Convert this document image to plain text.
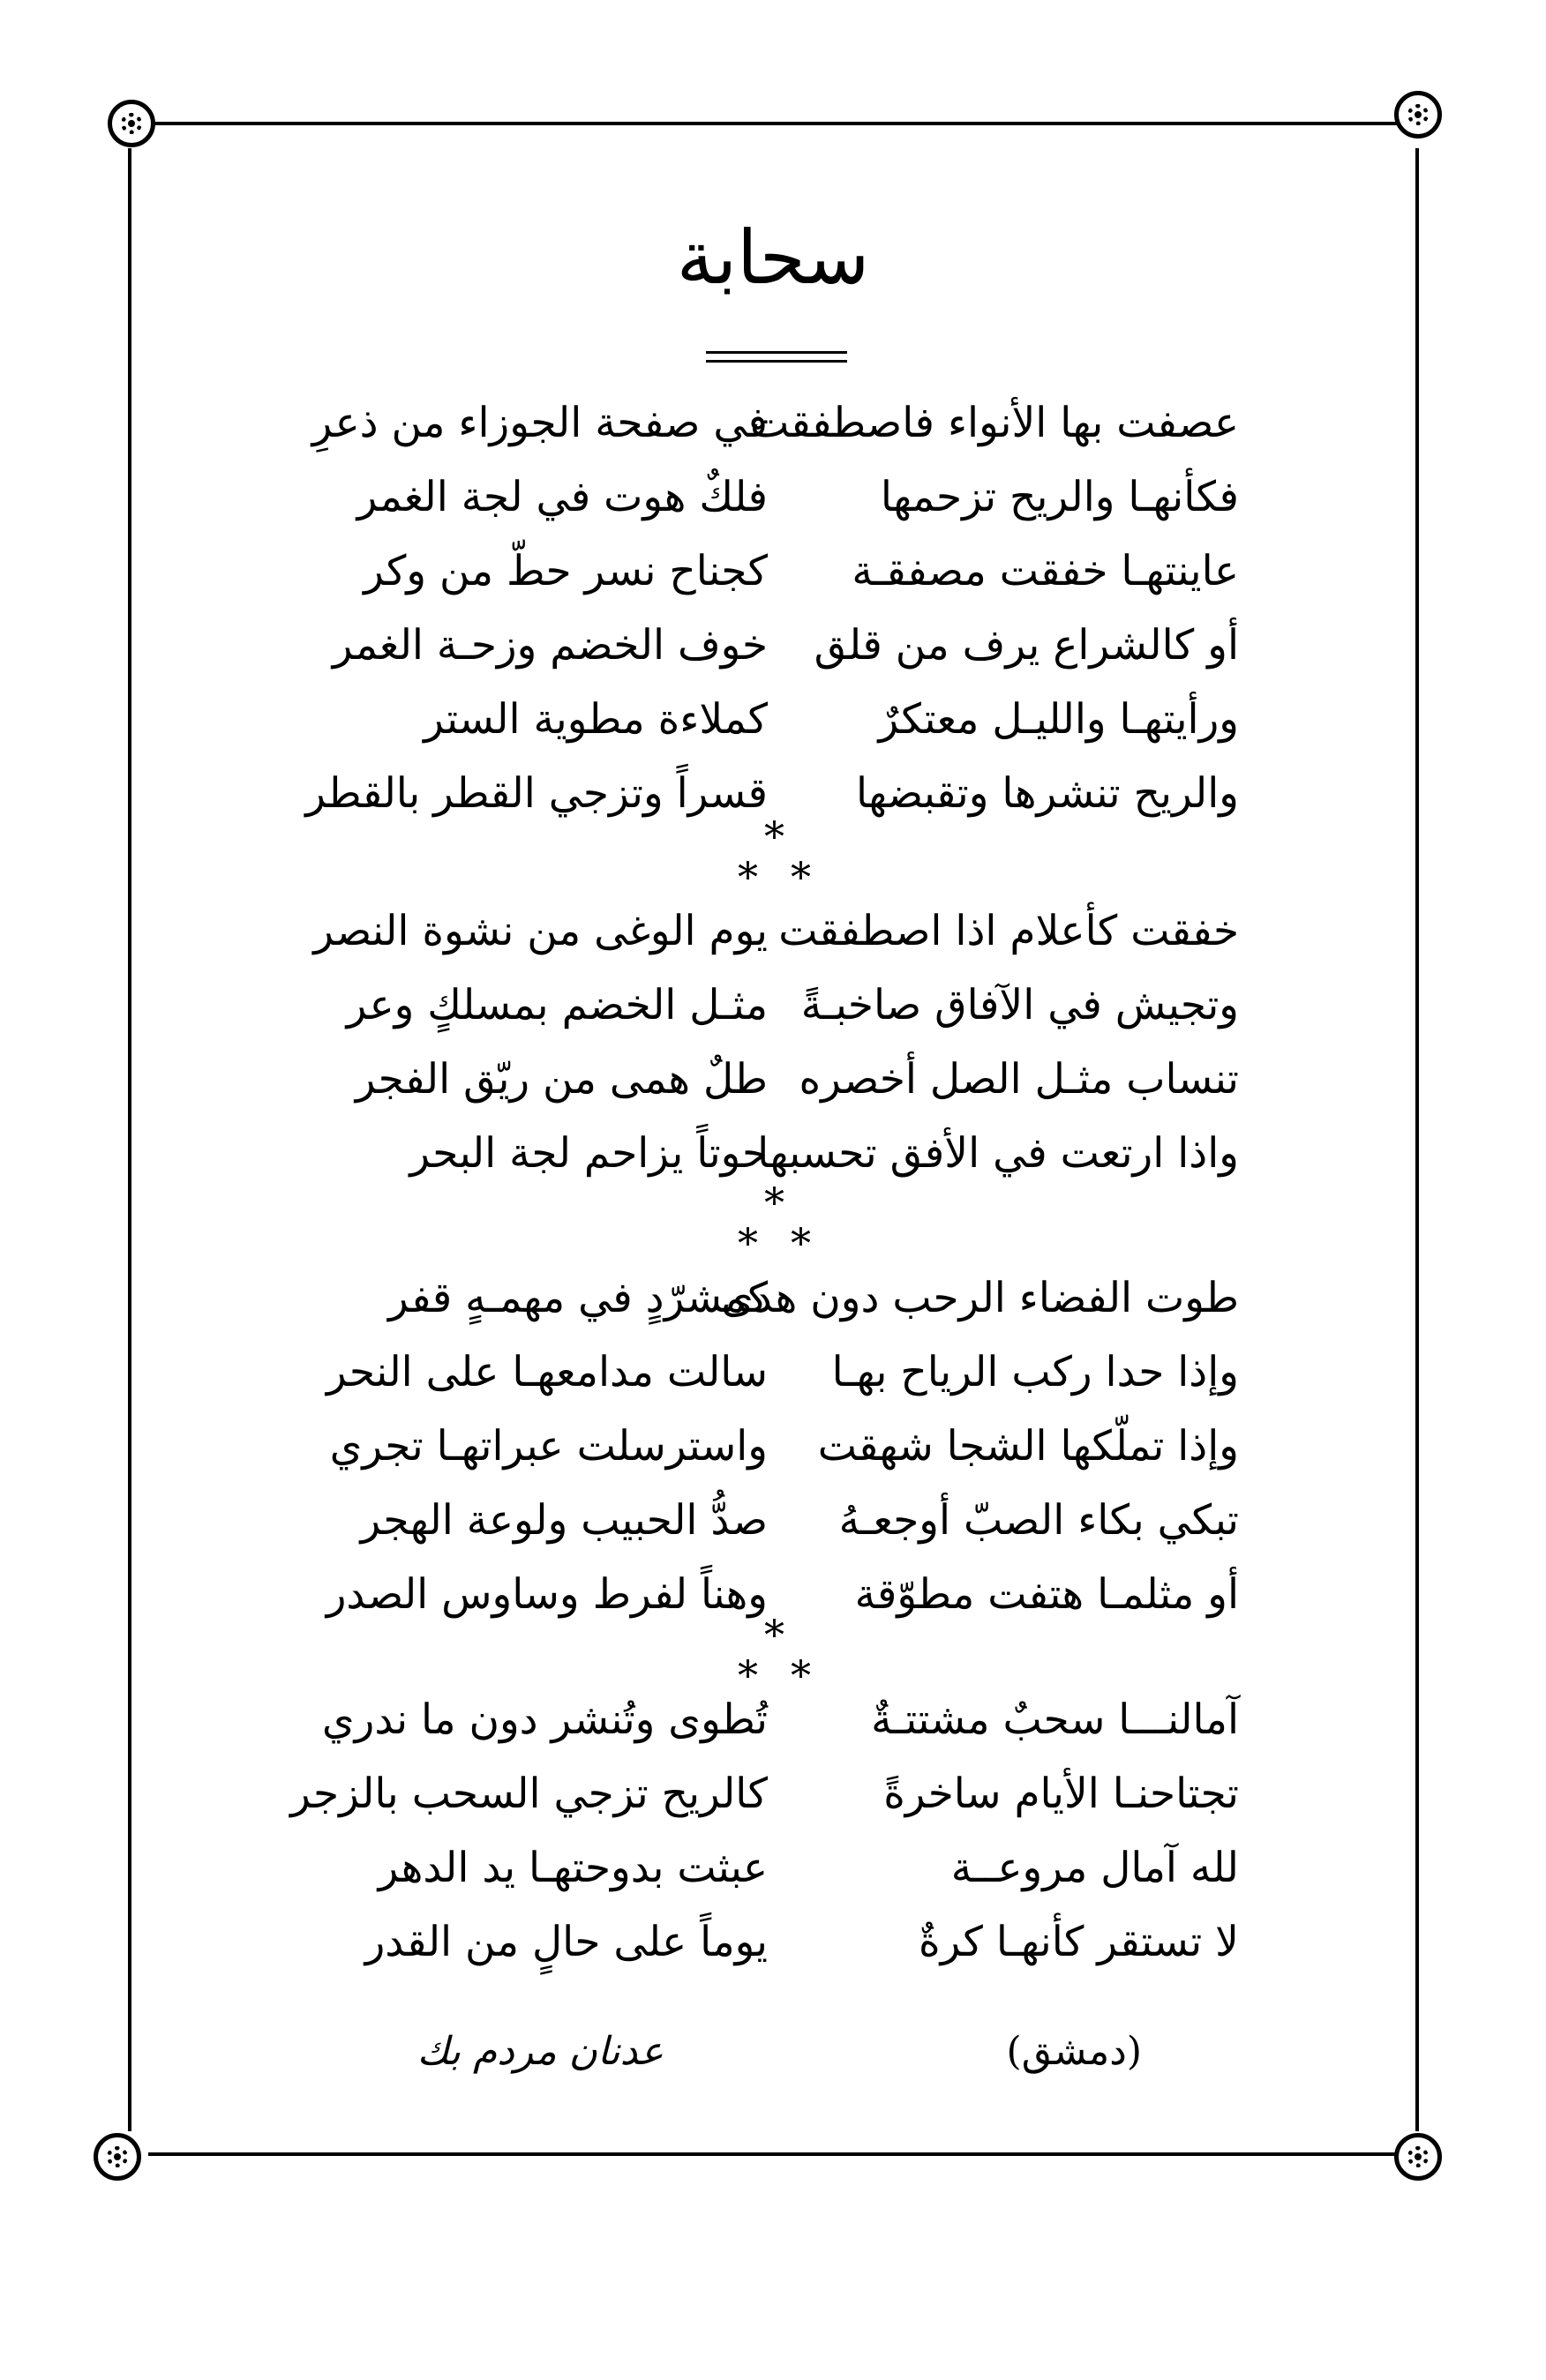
سحابة
عصفت بها الأنواء فاصطفقت
في صفحة الجوزاء من ذعرِ
فكأنهـا والريح تزحمها
فلكٌ هوت في لجة الغمر
عاينتهـا خفقت مصفقـة
كجناح نسر حطّ من وكر
أو كالشراع يرف من قلق
خوف الخضم وزحـة الغمر
ورأيتهـا والليـل معتكرٌ
كملاءة مطوية الستر
والريح تنشرها وتقبضها
قسراً وتزجي القطر بالقطر
*
* *
خفقت كأعلام اذا اصطفقت
يوم الوغى من نشوة النصر
وتجيش في الآفاق صاخبـةً
مثـل الخضم بمسلكٍ وعر
تنساب مثـل الصل أخصره
طلٌ همى من ريّق الفجر
واذا ارتعت في الأفق تحسبها
حوتاً يزاحم لجة البحر
*
* *
طوت الفضاء الرحب دون هدى
كمشرّدٍ في مهمـهٍ قفر
وإذا حدا ركب الرياح بهـا
سالت مدامعهـا على النحر
وإذا تملّكها الشجا شهقت
واسترسلت عبراتهـا تجري
تبكي بكاء الصبّ أوجعـهُ
صدُّ الحبيب ولوعة الهجر
أو مثلمـا هتفت مطوّقة
وهناً لفرط وساوس الصدر
*
* *
آمالنـــا سحبٌ مشتتـةٌ
تُطوى وتُنشر دون ما ندري
تجتاحنـا الأيام ساخرةً
كالريح تزجي السحب بالزجر
لله آمال مروعــة
عبثت بدوحتهـا يد الدهر
لا تستقر كأنهـا كرةٌ
يوماً على حالٍ من القدر
(دمشق)
عدنان مردم بك
